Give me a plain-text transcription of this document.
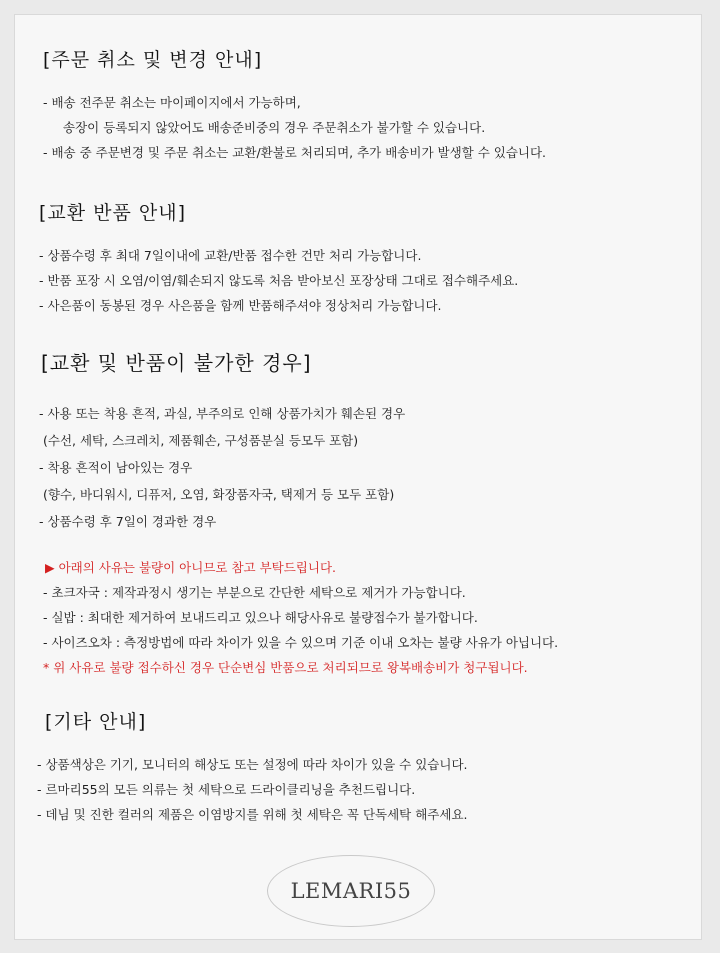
[주문 취소 및 변경 안내]
- 배송 전주문 취소는 마이페이지에서 가능하며,
송장이 등록되지 않았어도 배송준비중의 경우 주문취소가 불가할 수 있습니다.
- 배송 중 주문변경 및 주문 취소는 교환/환불로 처리되며, 추가 배송비가 발생할 수 있습니다.
[교환 반품 안내]
- 상품수령 후 최대 7일이내에 교환/반품 접수한 건만 처리 가능합니다.
- 반품 포장 시 오염/이염/훼손되지 않도록 처음 받아보신 포장상태 그대로 접수해주세요.
- 사은품이 동봉된 경우 사은품을 함께 반품해주셔야 정상처리 가능합니다.
[교환 및 반품이 불가한 경우]
- 사용 또는 착용 흔적, 과실, 부주의로 인해 상품가치가 훼손된 경우
(수선, 세탁, 스크레치, 제품훼손, 구성품분실 등모두 포함)
- 착용 흔적이 남아있는 경우
(향수, 바디워시, 디퓨저, 오염, 화장품자국, 택제거 등 모두 포함)
- 상품수령 후 7일이 경과한 경우
▶ 아래의 사유는 불량이 아니므로 참고 부탁드립니다.
- 초크자국 : 제작과정시 생기는 부분으로 간단한 세탁으로 제거가 가능합니다.
- 실밥 : 최대한 제거하여 보내드리고 있으나 해당사유로 불량접수가 불가합니다.
- 사이즈오차 : 측정방법에 따라 차이가 있을 수 있으며 기준 이내 오차는 불량 사유가 아닙니다.
* 위 사유로 불량 접수하신 경우 단순변심 반품으로 처리되므로 왕복배송비가 청구됩니다.
[기타 안내]
- 상품색상은 기기, 모니터의 해상도 또는 설정에 따라 차이가 있을 수 있습니다.
- 르마리55의 모든 의류는 첫 세탁으로 드라이클리닝을 추천드립니다.
- 데님 및 진한 컬러의 제품은 이염방지를 위해 첫 세탁은 꼭 단독세탁 해주세요.
LEMARI55
